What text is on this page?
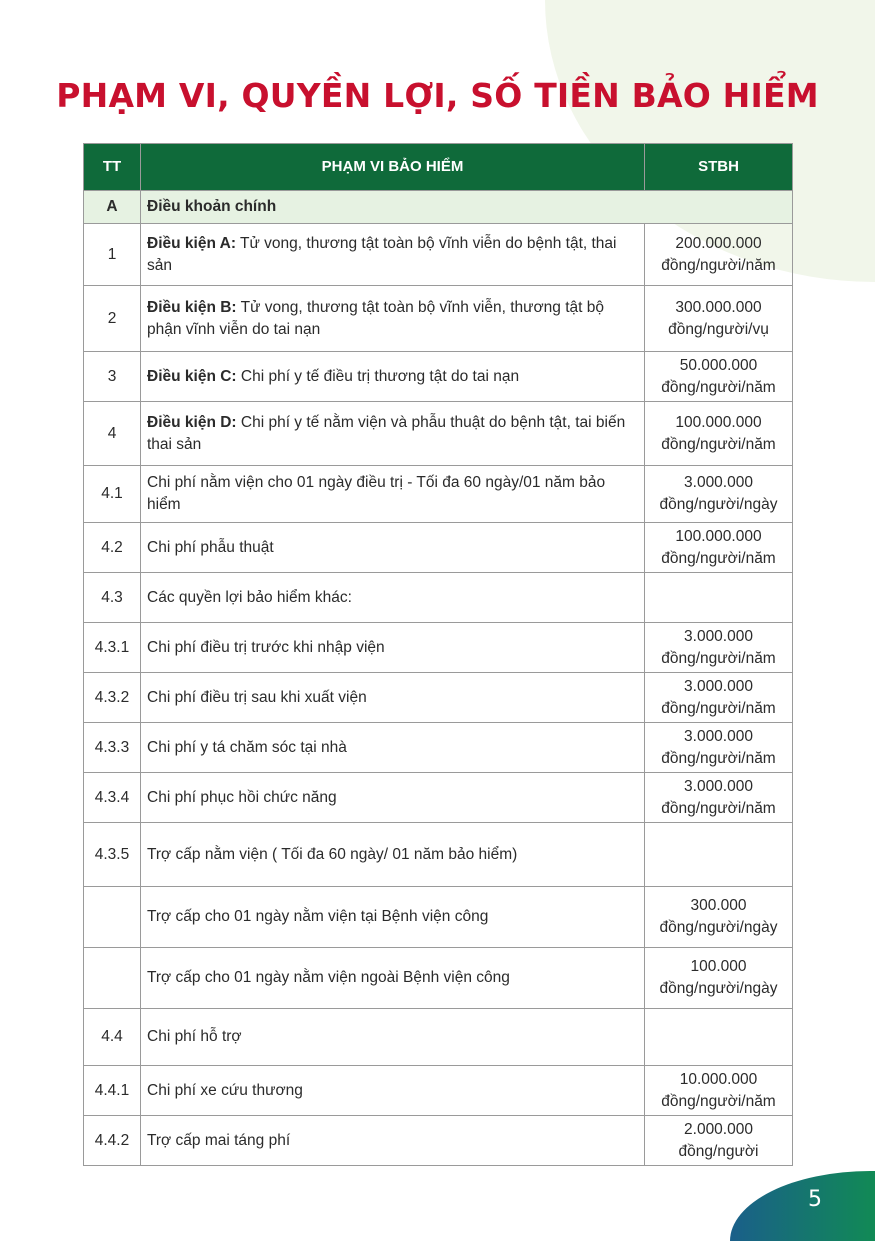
PHẠM VI, QUYỀN LỢI, SỐ TIỀN BẢO HIỂM
TT	PHẠM VI BẢO HIỂM	STBH
A	Điều khoản chính	
1	Điều kiện A: Tử vong, thương tật toàn bộ vĩnh viễn do bệnh tật, thai sản	200.000.000
đồng/người/năm

2	Điều kiện B: Tử vong, thương tật toàn bộ vĩnh viễn, thương tật bộ phận vĩnh viễn do tai nạn	300.000.000
đồng/người/vụ

3	Điều kiện C: Chi phí y tế điều trị thương tật do tai nạn	50.000.000
đồng/người/năm

4	Điều kiện D: Chi phí y tế nằm viện và phẫu thuật do bệnh tật, tai biến thai sản	100.000.000
đồng/người/năm

4.1	Chi phí nằm viện cho 01 ngày điều trị - Tối đa 60 ngày/01 năm bảo hiểm	3.000.000
đồng/người/ngày

4.2	Chi phí phẫu thuật	100.000.000
đồng/người/năm

4.3	Các quyền lợi bảo hiểm khác:	
4.3.1	Chi phí điều trị trước khi nhập viện	3.000.000
đồng/người/năm

4.3.2	Chi phí điều trị sau khi xuất viện	3.000.000
đồng/người/năm

4.3.3	Chi phí y tá chăm sóc tại nhà	3.000.000
đồng/người/năm

4.3.4	Chi phí phục hồi chức năng	3.000.000
đồng/người/năm

4.3.5	Trợ cấp nằm viện ( Tối đa 60 ngày/ 01 năm bảo hiểm)	
	Trợ cấp cho 01 ngày nằm viện tại Bệnh viện công	300.000
đồng/người/ngày

	Trợ cấp cho 01 ngày nằm viện ngoài Bệnh viện công	100.000
đồng/người/ngày

4.4	Chi phí hỗ trợ	
4.4.1	Chi phí xe cứu thương	10.000.000
đồng/người/năm

4.4.2	Trợ cấp mai táng phí	2.000.000
đồng/người
5
